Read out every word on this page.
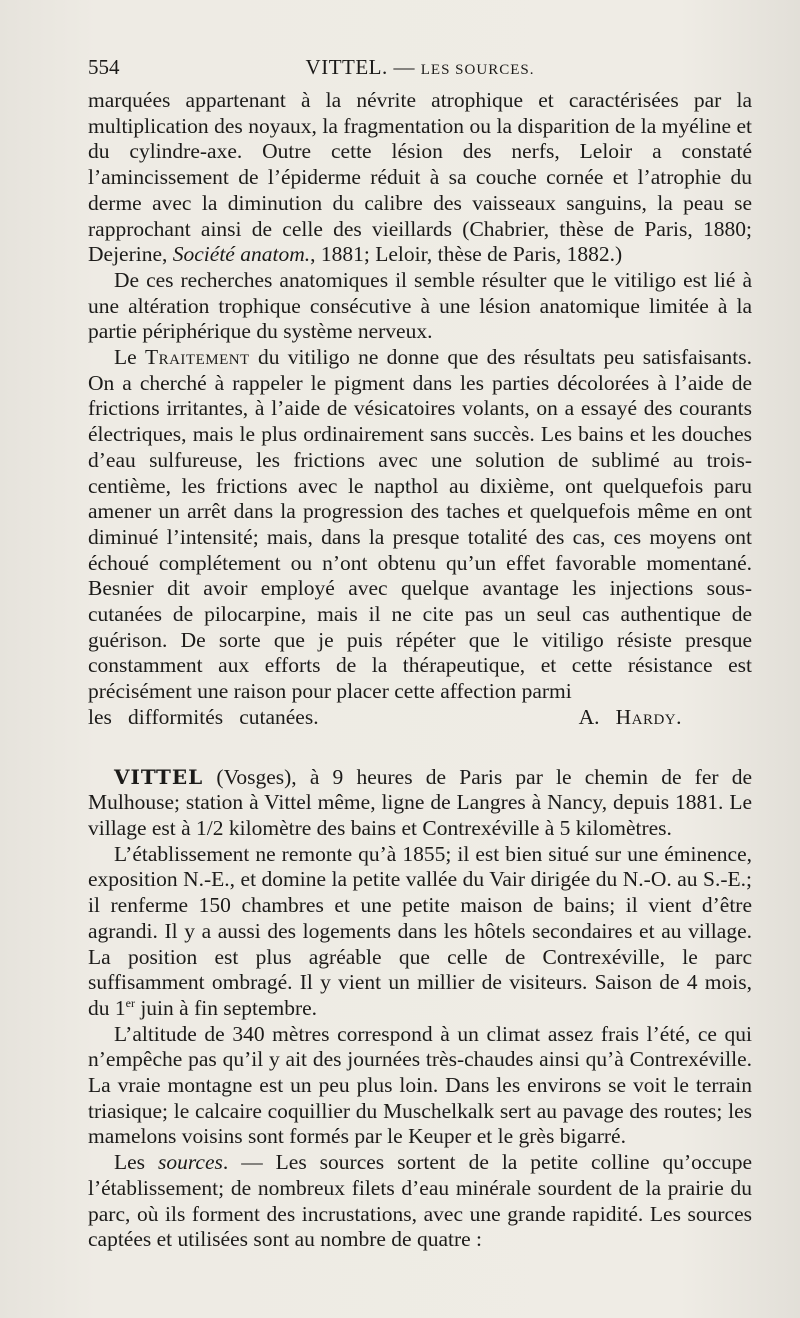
554	VITTEL. — LES SOURCES.

marquées appartenant à la névrite atrophique et caractérisées par la multiplication des noyaux, la fragmentation ou la disparition de la myéline et du cylindre-axe. Outre cette lésion des nerfs, Leloir a constaté l’amincissement de l’épiderme réduit à sa couche cornée et l’atrophie du derme avec la diminution du calibre des vaisseaux sanguins, la peau se rapprochant ainsi de celle des vieillards (Chabrier, thèse de Paris, 1880; Dejerine, Société anatom., 1881; Leloir, thèse de Paris, 1882.)

De ces recherches anatomiques il semble résulter que le vitiligo est lié à une altération trophique consécutive à une lésion anatomique limitée à la partie périphérique du système nerveux.

Le Traitement du vitiligo ne donne que des résultats peu satisfaisants. On a cherché à rappeler le pigment dans les parties décolorées à l’aide de frictions irritantes, à l’aide de vésicatoires volants, on a essayé des courants électriques, mais le plus ordinairement sans succès. Les bains et les douches d’eau sulfureuse, les frictions avec une solution de sublimé au trois-centième, les frictions avec le napthol au dixième, ont quelquefois paru amener un arrêt dans la progression des taches et quelquefois même en ont diminué l’intensité; mais, dans la presque totalité des cas, ces moyens ont échoué complétement ou n’ont obtenu qu’un effet favorable momentané. Besnier dit avoir employé avec quelque avantage les injections sous-cutanées de pilocarpine, mais il ne cite pas un seul cas authentique de guérison. De sorte que je puis répéter que le vitiligo résiste presque constamment aux efforts de la thérapeutique, et cette résistance est précisément une raison pour placer cette affection parmi

les difformités cutanées.	A. Hardy.

VITTEL (Vosges), à 9 heures de Paris par le chemin de fer de Mulhouse; station à Vittel même, ligne de Langres à Nancy, depuis 1881. Le village est à 1/2 kilomètre des bains et Contrexéville à 5 kilomètres.

L’établissement ne remonte qu’à 1855; il est bien situé sur une éminence, exposition N.-E., et domine la petite vallée du Vair dirigée du N.-O. au S.-E.; il renferme 150 chambres et une petite maison de bains; il vient d’être agrandi. Il y a aussi des logements dans les hôtels secondaires et au village. La position est plus agréable que celle de Contrexéville, le parc suffisamment ombragé. Il y vient un millier de visiteurs. Saison de 4 mois, du 1er juin à fin septembre.

L’altitude de 340 mètres correspond à un climat assez frais l’été, ce qui n’empêche pas qu’il y ait des journées très-chaudes ainsi qu’à Contrexéville. La vraie montagne est un peu plus loin. Dans les environs se voit le terrain triasique; le calcaire coquillier du Muschelkalk sert au pavage des routes; les mamelons voisins sont formés par le Keuper et le grès bigarré.

Les sources. — Les sources sortent de la petite colline qu’occupe l’établissement; de nombreux filets d’eau minérale sourdent de la prairie du parc, où ils forment des incrustations, avec une grande rapidité. Les sources captées et utilisées sont au nombre de quatre :
